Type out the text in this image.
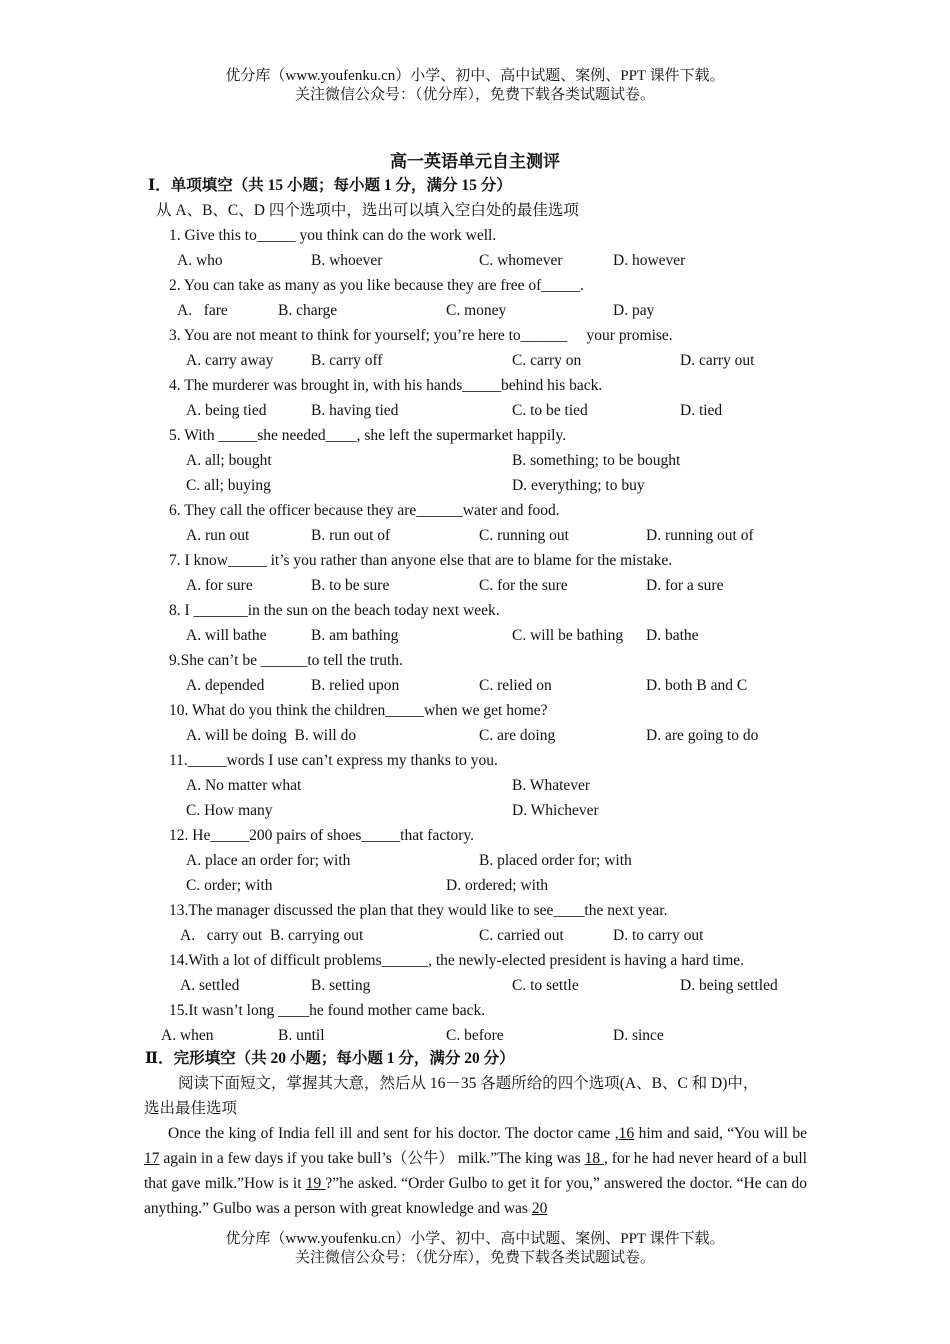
优分库（www.youfenku.cn）小学、初中、高中试题、案例、PPT 课件下载。
关注微信公众号：（优分库），免费下载各类试题试卷。
高一英语单元自主测评
Ⅰ．单项填空（共 15 小题；每小题 1 分，满分 15 分）
从 A、B、C、D 四个选项中，选出可以填入空白处的最佳选项
1. Give this to_____ you think can do the work well.
A. who	B. whoever	C. whomever	D. however
2. You can take as many as you like because they are free of_____.
A.   fare	B. charge	C. money	D. pay
3. You are not meant to think for yourself; you’re here to______     your promise.
A. carry away B. carry off	C. carry on	D. carry out
4. The murderer was brought in, with his hands_____behind his back.
A. being tied	B. having tied	C. to be tied	D. tied
5. With _____she needed____, she left the supermarket happily.
A. all; bought	B. something; to be bought
C. all; buying	D. everything; to buy
6. They call the officer because they are______water and food.
A. run out	B. run out of	C. running out	D. running out of
7. I know_____ it’s you rather than anyone else that are to blame for the mistake.
A. for sure	B. to be sure	C. for the sure	D. for a sure
8. I _______in the sun on the beach today next week.
A. will bathe	B. am bathing	C. will be bathing D. bathe
9.She can’t be ______to tell the truth.
A. depended	B. relied upon	C. relied on	D. both B and C
10. What do you think the children_____when we get home?
A. will be doing  B. will do	C. are doing	D. are going to do
11._____words I use can’t express my thanks to you.
A. No matter what	B. Whatever
C. How many	D. Whichever
12. He_____200 pairs of shoes_____that factory.
A. place an order for; with	B. placed order for; with
C. order; with	D. ordered; with
13.The manager discussed the plan that they would like to see____the next year.
A.   carry out  B. carrying out	C. carried out	D. to carry out
14.With a lot of difficult problems______, the newly-elected president is having a hard time.
A. settled	B. setting	C. to settle	D. being settled
15.It wasn’t long ____he found mother came back.
A. when	B. until	C. before	D. since
Ⅱ．完形填空（共 20 小题；每小题 1 分，满分 20 分）
阅读下面短文，掌握其大意，然后从 16－35 各题所给的四个选项(A、B、C 和 D)中，
选出最佳选项
Once the king of India fell ill and sent for his doctor. The doctor came ,16 him and said, “You will be 17 again in a few days if you take bull’s（公牛） milk.”The king was 18 , for he had never heard of a bull that gave milk.”How is it 19 ?”he asked. “Order Gulbo to get it for you,” answered the doctor. “He can do anything.” Gulbo was a person with great knowledge and was 20
优分库（www.youfenku.cn）小学、初中、高中试题、案例、PPT 课件下载。
关注微信公众号：（优分库），免费下载各类试题试卷。
